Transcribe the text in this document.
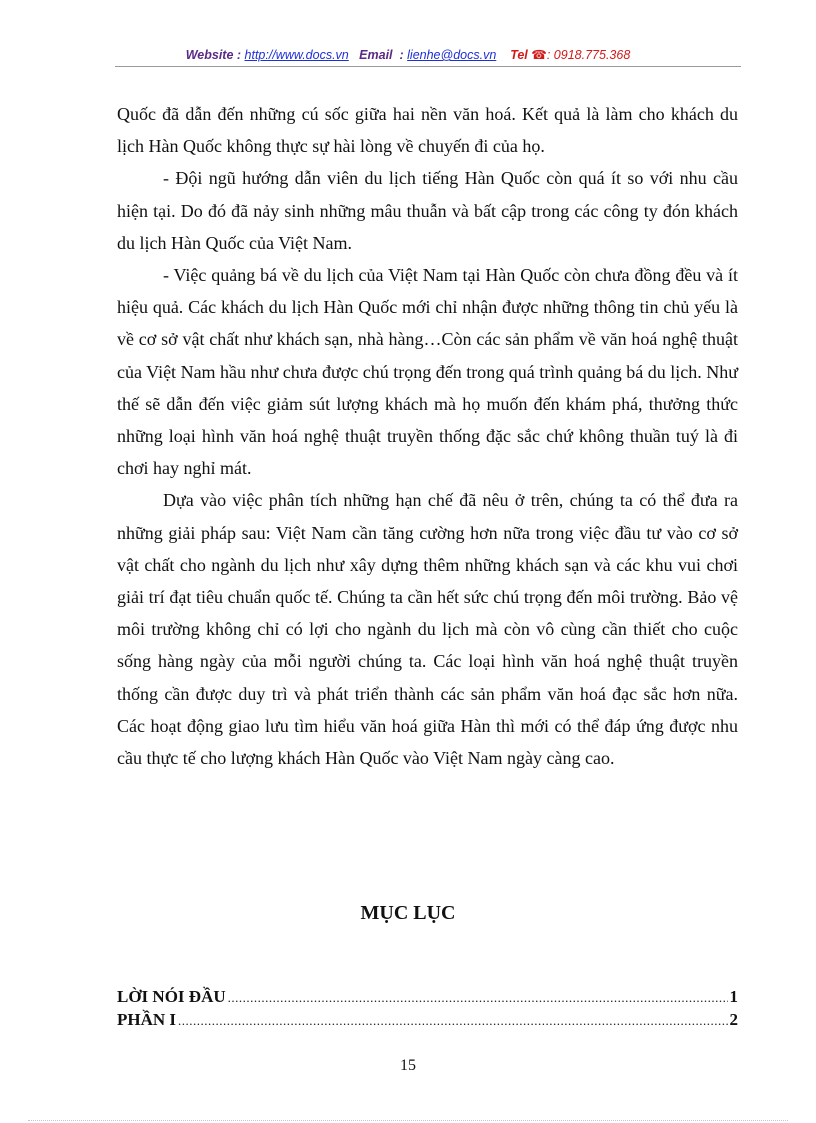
Website : http://www.docs.vn Email : lienhe@docs.vn Tel ☎: 0918.775.368

Quốc đã dẫn đến những cú sốc giữa hai nền văn hoá. Kết quả là làm cho khách du lịch Hàn Quốc không thực sự hài lòng về chuyến đi của họ.

- Đội ngũ hướng dẫn viên du lịch tiếng Hàn Quốc còn quá ít so với nhu cầu hiện tại. Do đó đã nảy sinh những mâu thuẫn và bất cập trong các công ty đón khách du lịch Hàn Quốc của Việt Nam.

- Việc quảng bá về du lịch của Việt Nam tại Hàn Quốc còn chưa đồng đều và ít hiệu quả. Các khách du lịch Hàn Quốc mới chỉ nhận được những thông tin chủ yếu là về cơ sở vật chất như khách sạn, nhà hàng…Còn các sản phẩm về văn hoá nghệ thuật của Việt Nam hầu như chưa được chú trọng đến trong quá trình quảng bá du lịch. Như thế sẽ dẫn đến việc giảm sút lượng khách mà họ muốn đến khám phá, thưởng thức những loại hình văn hoá nghệ thuật truyền thống đặc sắc chứ không thuần tuý là đi chơi hay nghỉ mát.

Dựa vào việc phân tích những hạn chế đã nêu ở trên, chúng ta có thể đưa ra những giải pháp sau: Việt Nam cần tăng cường hơn nữa trong việc đầu tư vào cơ sở vật chất cho ngành du lịch như xây dựng thêm những khách sạn và các khu vui chơi giải trí đạt tiêu chuẩn quốc tế. Chúng ta cần hết sức chú trọng đến môi trường. Bảo vệ môi trường không chỉ có lợi cho ngành du lịch mà còn vô cùng cần thiết cho cuộc sống hàng ngày của mỗi người chúng ta. Các loại hình văn hoá nghệ thuật truyền thống cần được duy trì và phát triển thành các sản phẩm văn hoá đạc sắc hơn nữa. Các hoạt động giao lưu tìm hiểu văn hoá giữa Hàn thì mới có thể đáp ứng được nhu cầu thực tế cho lượng khách Hàn Quốc vào Việt Nam ngày càng cao.

MỤC LỤC
LỜI NÓI ĐẦU .....	1
PHẦN I .....	2
15
